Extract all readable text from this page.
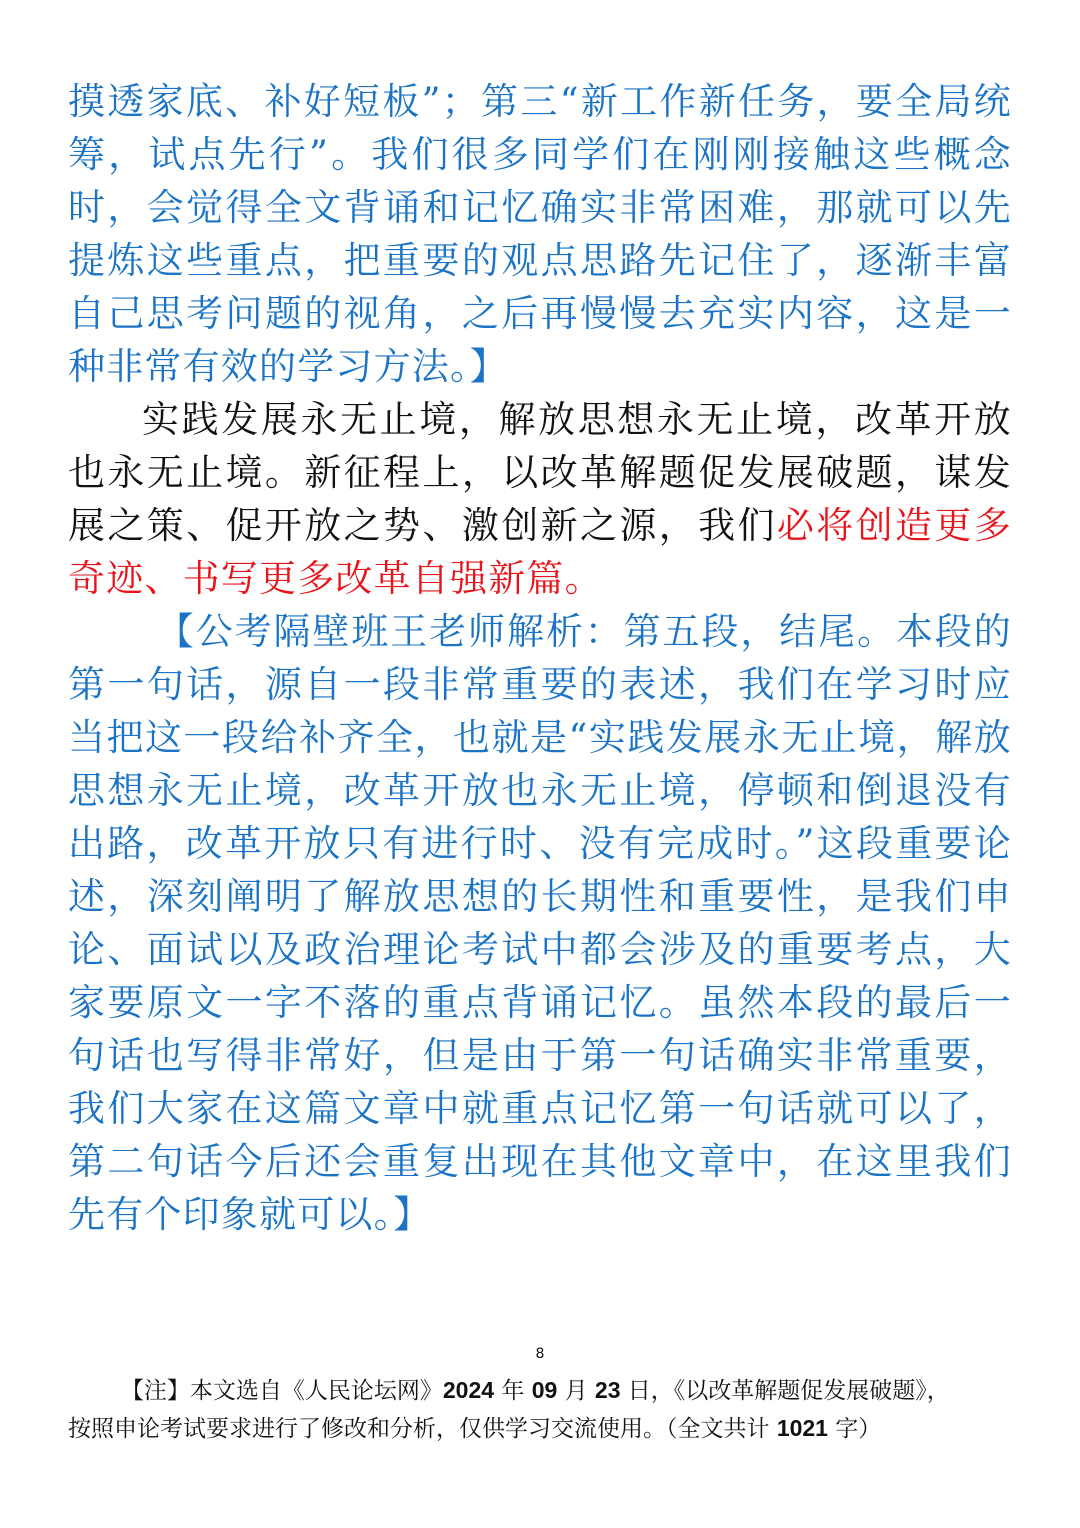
摸透家底、补好短板”；第三“新工作新任务，要全局统筹，试点先行”。我们很多同学们在刚刚接触这些概念时，会觉得全文背诵和记忆确实非常困难，那就可以先提炼这些重点，把重要的观点思路先记住了，逐渐丰富自己思考问题的视角，之后再慢慢去充实内容，这是一种非常有效的学习方法。】

实践发展永无止境，解放思想永无止境，改革开放也永无止境。新征程上，以改革解题促发展破题，谋发展之策、促开放之势、激创新之源，我们必将创造更多奇迹、书写更多改革自强新篇。

【公考隔壁班王老师解析：第五段，结尾。本段的第一句话，源自一段非常重要的表述，我们在学习时应当把这一段给补齐全，也就是“实践发展永无止境，解放思想永无止境，改革开放也永无止境，停顿和倒退没有出路，改革开放只有进行时、没有完成时。”这段重要论述，深刻阐明了解放思想的长期性和重要性，是我们申论、面试以及政治理论考试中都会涉及的重要考点，大家要原文一字不落的重点背诵记忆。虽然本段的最后一句话也写得非常好，但是由于第一句话确实非常重要，我们大家在这篇文章中就重点记忆第一句话就可以了，第二句话今后还会重复出现在其他文章中，在这里我们先有个印象就可以。】

8

【注】本文选自《人民论坛网》2024 年 09 月 23 日，《以改革解题促发展破题》，

按照申论考试要求进行了修改和分析，仅供学习交流使用。（全文共计 1021 字）
